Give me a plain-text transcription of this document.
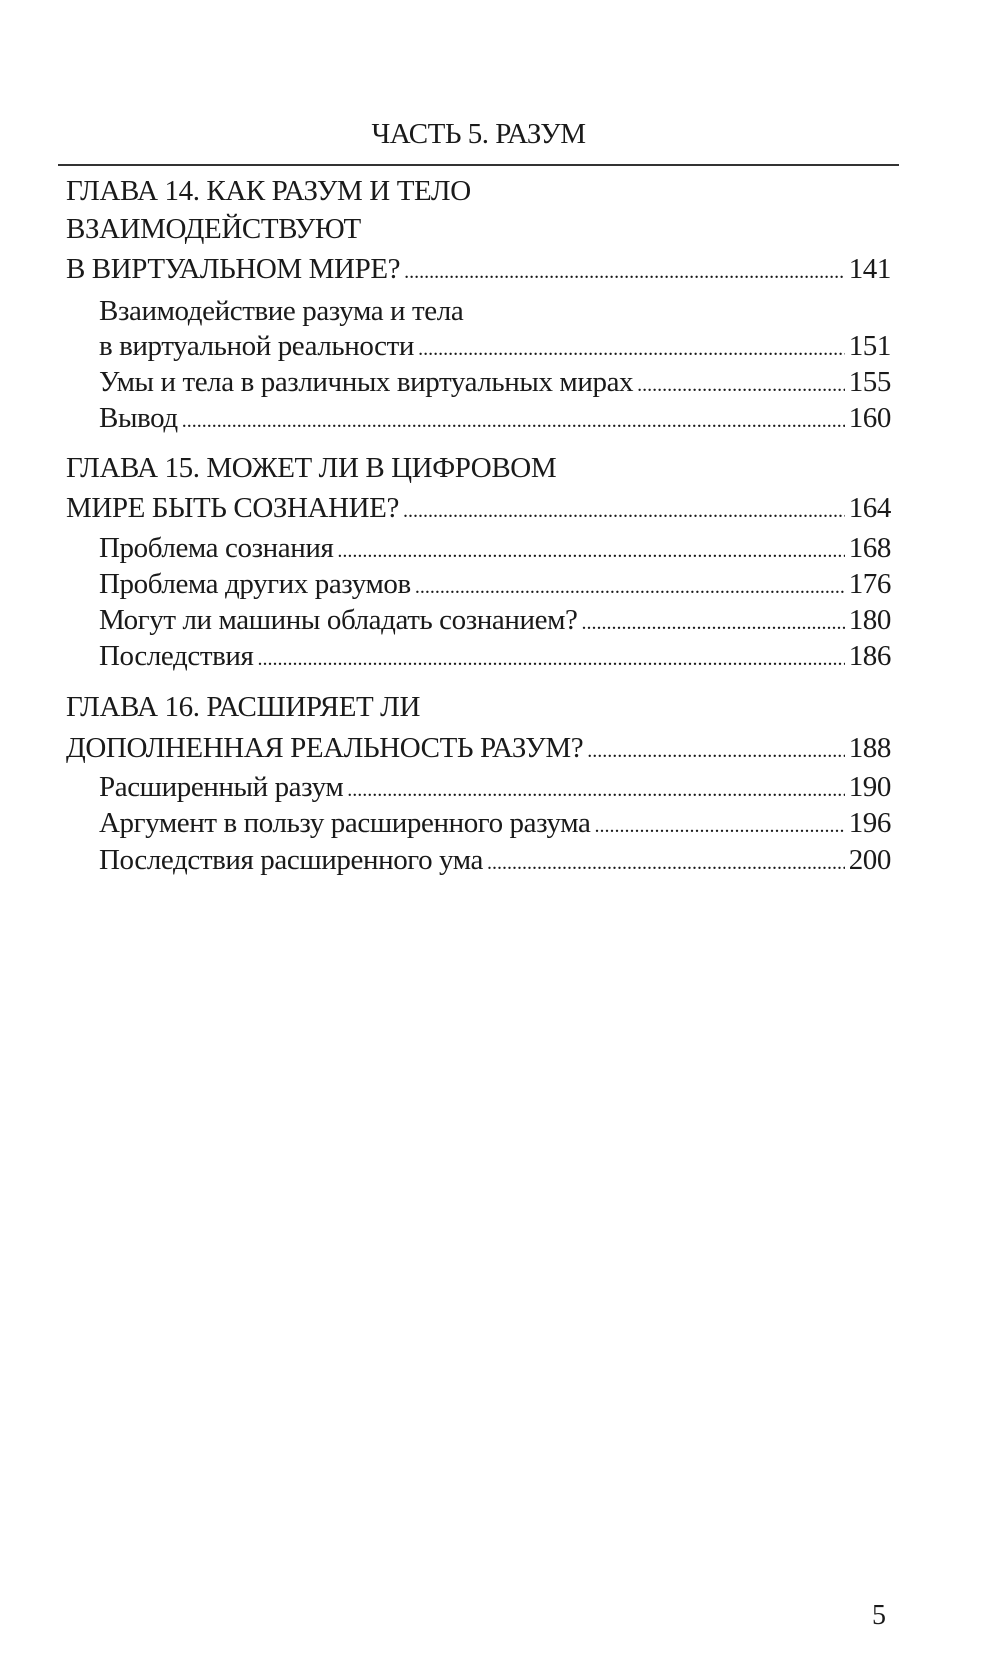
ЧАСТЬ 5. РАЗУМ
ГЛАВА 14. КАК РАЗУМ И ТЕЛО
ВЗАИМОДЕЙСТВУЮТ
В ВИРТУАЛЬНОМ МИРЕ? .....	141
Взаимодействие разума и тела
в виртуальной реальности .....	151
Умы и тела в различных виртуальных мирах .....	155
Вывод .....	160
ГЛАВА 15. МОЖЕТ ЛИ В ЦИФРОВОМ
МИРЕ БЫТЬ СОЗНАНИЕ? .....	164
Проблема сознания .....	168
Проблема других разумов .....	176
Могут ли машины обладать сознанием? .....	180
Последствия .....	186
ГЛАВА 16. РАСШИРЯЕТ ЛИ
ДОПОЛНЕННАЯ РЕАЛЬНОСТЬ РАЗУМ? .....	188
Расширенный разум .....	190
Аргумент в пользу расширенного разума .....	196
Последствия расширенного ума .....	200
5
